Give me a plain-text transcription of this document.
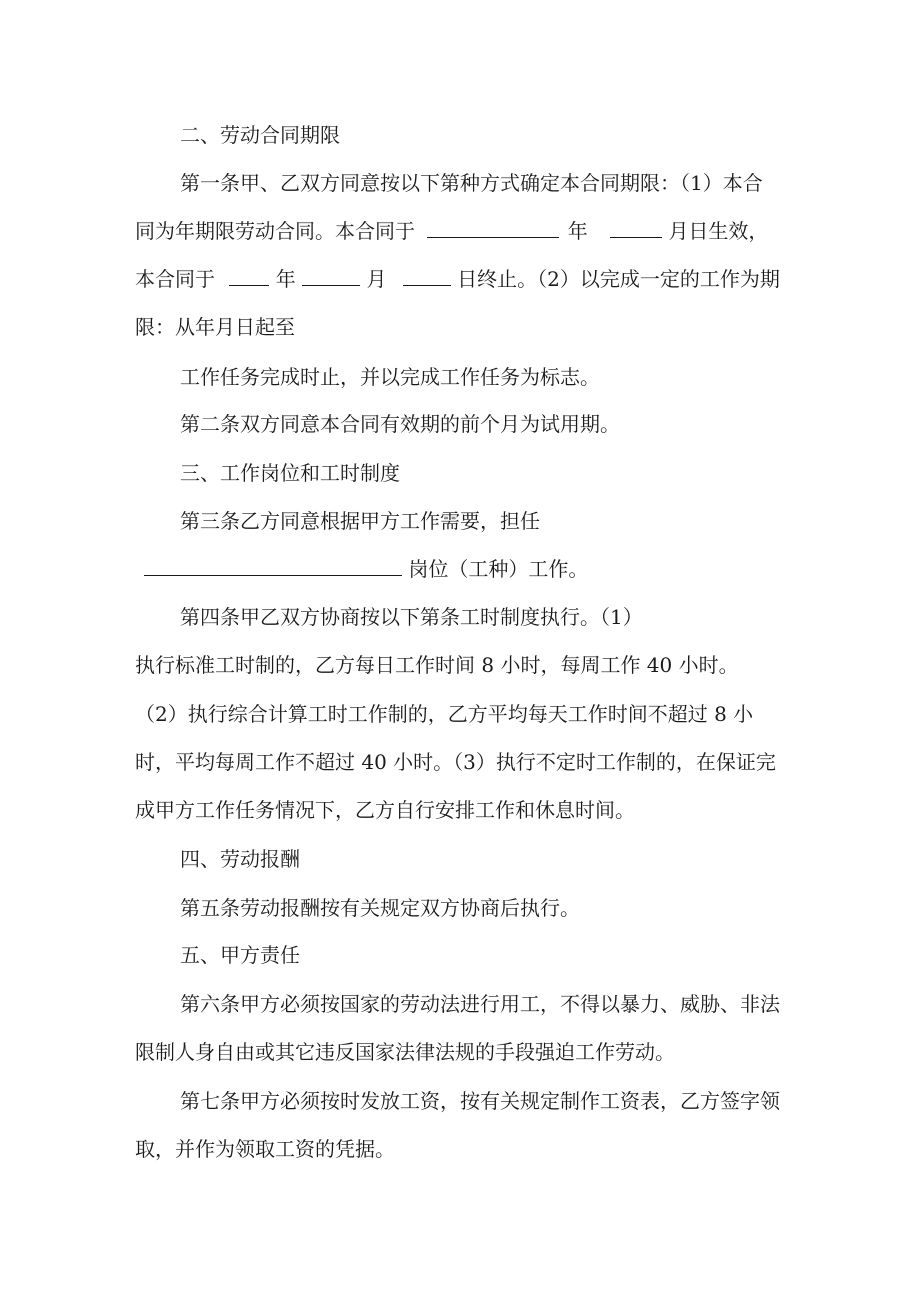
二、劳动合同期限
第一条甲、乙双方同意按以下第种方式确定本合同期限：（1）本合
同为年期限劳动合同。本合同于	年	月日生效，
本合同于	年	月	日终止。（2）以完成一定的工作为期
限：从年月日起至
工作任务完成时止，并以完成工作任务为标志。
第二条双方同意本合同有效期的前个月为试用期。
三、工作岗位和工时制度
第三条乙方同意根据甲方工作需要，担任
岗位（工种）工作。
第四条甲乙双方协商按以下第条工时制度执行。（1）
执行标准工时制的，乙方每日工作时间 8 小时，每周工作 40 小时。
（2）执行综合计算工时工作制的，乙方平均每天工作时间不超过 8 小
时，平均每周工作不超过 40 小时。（3）执行不定时工作制的，在保证完
成甲方工作任务情况下，乙方自行安排工作和休息时间。
四、劳动报酬
第五条劳动报酬按有关规定双方协商后执行。
五、甲方责任
第六条甲方必须按国家的劳动法进行用工，不得以暴力、威胁、非法
限制人身自由或其它违反国家法律法规的手段强迫工作劳动。
第七条甲方必须按时发放工资，按有关规定制作工资表，乙方签字领
取，并作为领取工资的凭据。
